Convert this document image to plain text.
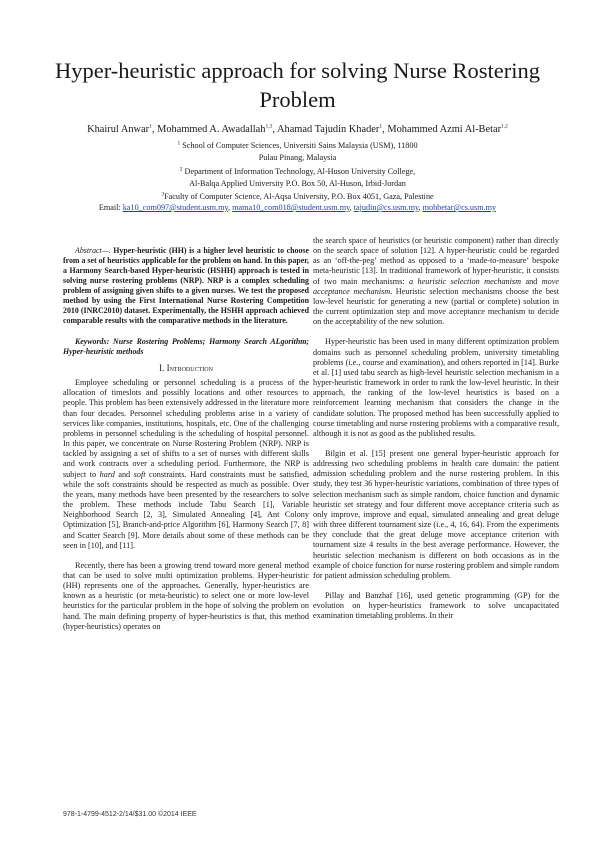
Hyper-heuristic approach for solving Nurse Rostering
Problem
Khairul Anwar$^1$, Mohammed A. Awadallah$^{1,3}$, Ahamad Tajudin Khader$^1$, Mohammed Azmi Al-Betar$^{1,2}$
$^1$ School of Computer Sciences, Universiti Sains Malaysia (USM), 11800
Pulau Pinang, Malaysia
$^2$ Department of Information Technology, Al-Huson University College,
Al-Balqa Applied University P.O. Box 50, Al-Huson, Irbid-Jordan
$^3$Faculty of Computer Science, Al-Aqsa University, P.O. Box 4051, Gaza, Palestine
Email: ka10_com097@student.usm.my, mama10_com018@student.usm.my, tajudin@cs.usm.my, mohbetar@cs.usm.my

Abstract—. Hyper-heuristic (HH) is a higher level heuristic to choose from a set of heuristics applicable for the problem on hand. In this paper, a Harmony Search-based Hyper-heuristic (HSHH) approach is tested in solving nurse rostering problems (NRP). NRP is a complex scheduling problem of assigning given shifts to a given nurses. We test the proposed method by using the First International Nurse Rostering Competition 2010 (INRC2010) dataset. Experimentally, the HSHH approach achieved comparable results with the comparative methods in the literature.

Keywords: Nurse Rostering Problems; Harmony Search ALgorithm; Hyper-heuristic methods

I. Introduction

Employee scheduling or personnel scheduling is a process of the allocation of timeslots and possibly locations and other resources to people. This problem has been extensively addressed in the literature more than four decades. Personnel scheduling problems arise in a variety of services like companies, institutions, hospitals, etc. One of the challenging problems in personnel scheduling is the scheduling of hospital personnel. In this paper, we concentrate on Nurse Rostering Problem (NRP). NRP is tackled by assigning a set of shifts to a set of nurses with different skills and work contracts over a scheduling period. Furthermore, the NRP is subject to hard and soft constraints. Hard constraints must be satisfied, while the soft constraints should be respected as much as possible. Over the years, many methods have been presented by the researchers to solve the problem. These methods include Tabu Search [1], Variable Neighborhood Search [2, 3], Simulated Annealing [4], Ant Colony Optimization [5], Branch-and-price Algorithm [6], Harmony Search [7, 8] and Scatter Search [9]. More details about some of these methods can be seen in [10], and [11].

Recently, there has been a growing trend toward more general method that can be used to solve multi optimization problems. Hyper-heuristic (HH) represents one of the approaches. Generally, hyper-heuristics are known as a heuristic (or meta-heuristic) to select one or more low-level heuristics for the particular problem in the hope of solving the problem on hand. The main defining property of hyper-heuristics is that, this method (hyper-heuristics) operates on

the search space of heuristics (or heuristic component) rather than directly on the search space of solution [12]. A hyper-heuristic could be regarded as an ‘off-the-peg’ method as opposed to a ‘made-to-measure’ bespoke meta-heuristic [13]. In traditional framework of hyper-heuristic, it consists of two main mechanisms: a heuristic selection mechanism and move acceptance mechanism. Heuristic selection mechanisms choose the best low-level heuristic for generating a new (partial or complete) solution in the current optimization step and move acceptance mechanism to decide on the acceptability of the new solution.

Hyper-heuristic has been used in many different optimization problem domains such as personnel scheduling problem, university timetabling problems (i.e., course and examination), and others reported in [14]. Burke et al. [1] used tabu search as high-level heuristic selection mechanism in a hyper-heuristic framework in order to rank the low-level heuristic. In their approach, the ranking of the low-level heuristics is based on a reinforcement learning mechanism that considers the change in the candidate solution. The proposed method has been successfully applied to course timetabling and nurse rostering problems with a comparative result, although it is not as good as the published results.

Bilgin et al. [15] present one general hyper-heuristic approach for addressing two scheduling problems in health care domain: the patient admission scheduling problem and the nurse rostering problem. In this study, they test 36 hyper-heuristic variations, combination of three types of selection mechanism such as simple random, choice function and dynamic heuristic set strategy and four different move acceptance criteria such as only improve, improve and equal, simulated annealing and great deluge with three different tournament size (i.e., 4, 16, 64). From the experiments they conclude that the great deluge move acceptance criterion with tournament size 4 results in the best average performance. However, the heuristic selection mechanism is different on both occasions as in the example of choice function for nurse rostering problem and simple random for patient admission scheduling problem.

Pillay and Banzhaf [16], used genetic programming (GP) for the evolution on hyper-heuristics framework to solve uncapacitated examination timetabling problems. In their

978-1-4799-4512-2/14/$31.00 ©2014 IEEE
